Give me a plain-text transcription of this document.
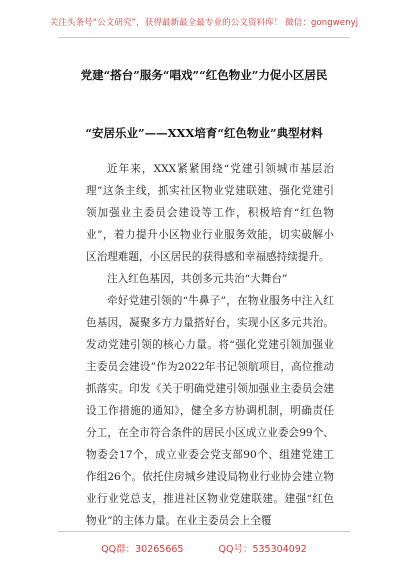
关注头条号“公文研究”，获得最新最全最专业的公文资料库！ 微信：gongwenyj
党建“搭台”服务“唱戏”“红色物业”力促小区居民
“安居乐业”——XXX培育“红色物业”典型材料

近年来，XXX紧紧围绕“党建引领城市基层治理”这条主线，抓实社区物业党建联建、强化党建引领加强业主委员会建设等工作，积极培育“红色物业”，着力提升小区物业行业服务效能，切实破解小区治理难题，小区居民的获得感和幸福感持续提升。

注入红色基因，共创多元共治“大舞台”

牵好党建引领的“牛鼻子”，在物业服务中注入红色基因，凝聚多方力量搭好台，实现小区多元共治。发动党建引领的核心力量。将“强化党建引领加强业主委员会建设”作为2022年书记领航项目，高位推动抓落实。印发《关于明确党建引领加强业主委员会建设工作措施的通知》，健全多方协调机制，明确责任分工，在全市符合条件的居民小区成立业委会99个、物委会17个，成立业委会党支部90个、组建党建工作组26个。依托住房城乡建设局物业行业协会建立物业行业党总支，推进社区物业党建联建。建强“红色物业”的主体力量。在业主委员会上全覆

QQ群：30265665	QQ号：535304092
